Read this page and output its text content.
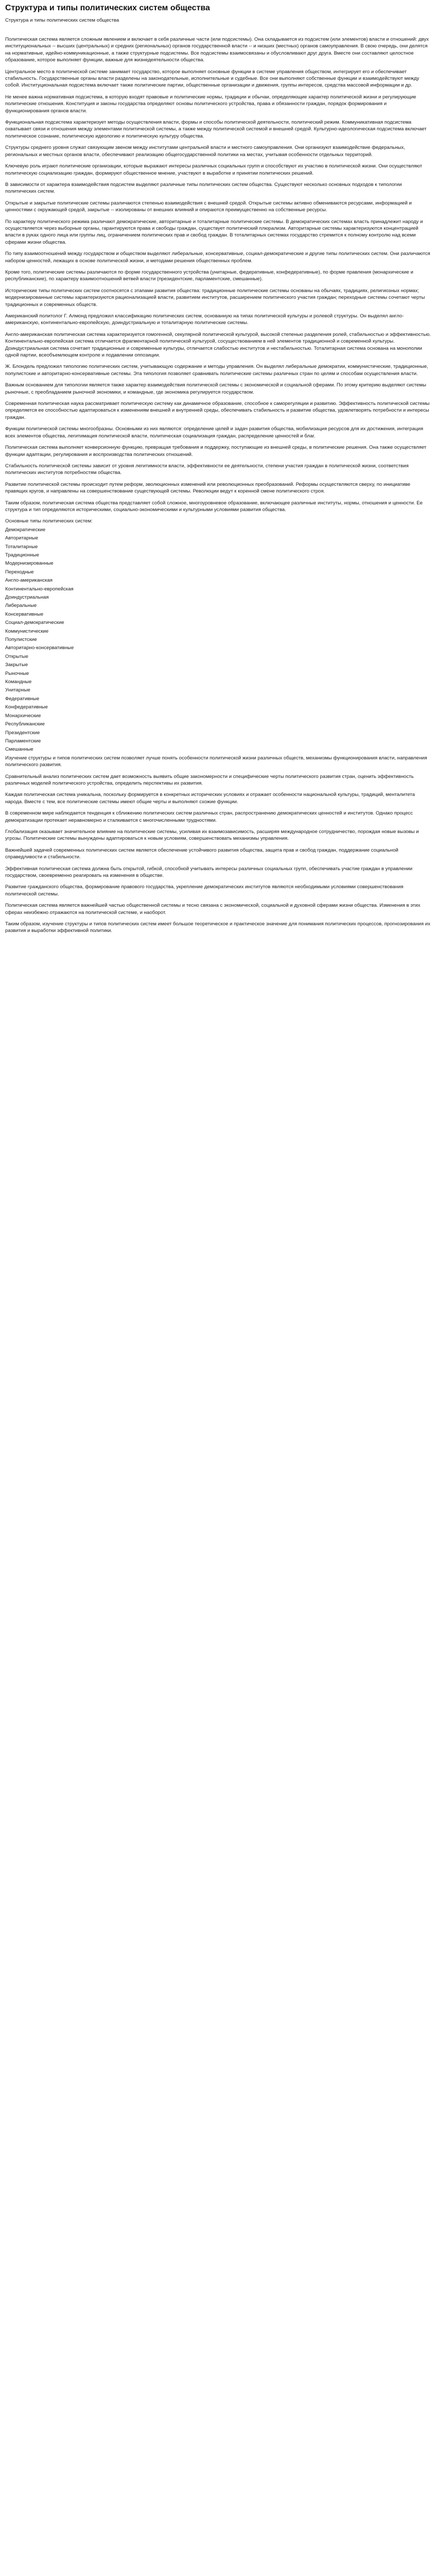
Структура и типы политических систем общества
Структура и типы политических систем общества

Политическая система является сложным явлением и включает в себя различные части (или подсистемы). Она складывается из подсистем (или элементов) власти и отношений: двух институциональных -- высших (центральных) и средних (региональных) органов государственной власти -- и низших (местных) органов самоуправления. В свою очередь, они делятся на нормативные, идейно-коммуникационные, а также структурные подсистемы. Все подсистемы взаимосвязаны и обусловливают друг друга. Вместе они составляют целостное образование, которое выполняет функции, важные для жизнедеятельности общества.

Центральное место в политической системе занимает государство, которое выполняет основные функции в системе управления обществом, интегрирует его и обеспечивает стабильность. Государственные органы власти разделены на законодательные, исполнительные и судебные. Все они выполняют собственные функции и взаимодействуют между собой. Институциональная подсистема включает также политические партии, общественные организации и движения, группы интересов, средства массовой информации и др.

Не менее важна нормативная подсистема, в которую входят правовые и политические нормы, традиции и обычаи, определяющие характер политической жизни и регулирующие политические отношения. Конституция и законы государства определяют основы политического устройства, права и обязанности граждан, порядок формирования и функционирования органов власти.

Функциональная подсистема характеризует методы осуществления власти, формы и способы политической деятельности, политический режим. Коммуникативная подсистема охватывает связи и отношения между элементами политической системы, а также между политической системой и внешней средой. Культурно-идеологическая подсистема включает политическое сознание, политическую идеологию и политическую культуру общества.

Структуры среднего уровня служат связующим звеном между институтами центральной власти и местного самоуправления. Они организуют взаимодействие федеральных, региональных и местных органов власти, обеспечивают реализацию общегосударственной политики на местах, учитывая особенности отдельных территорий.

Ключевую роль играют политические организации, которые выражают интересы различных социальных групп и способствуют их участию в политической жизни. Они осуществляют политическую социализацию граждан, формируют общественное мнение, участвуют в выработке и принятии политических решений.

В зависимости от характера взаимодействия подсистем выделяют различные типы политических систем общества. Существуют несколько основных подходов к типологии политических систем.

Открытые и закрытые политические системы различаются степенью взаимодействия с внешней средой. Открытые системы активно обмениваются ресурсами, информацией и ценностями с окружающей средой, закрытые -- изолированы от внешних влияний и опираются преимущественно на собственные ресурсы.

По характеру политического режима различают демократические, авторитарные и тоталитарные политические системы. В демократических системах власть принадлежит народу и осуществляется через выборные органы, гарантируются права и свободы граждан, существует политический плюрализм. Авторитарные системы характеризуются концентрацией власти в руках одного лица или группы лиц, ограничением политических прав и свобод граждан. В тоталитарных системах государство стремится к полному контролю над всеми сферами жизни общества.

По типу взаимоотношений между государством и обществом выделяют либеральные, консервативные, социал-демократические и другие типы политических систем. Они различаются набором ценностей, лежащих в основе политической жизни, и методами решения общественных проблем.

Кроме того, политические системы различаются по форме государственного устройства (унитарные, федеративные, конфедеративные), по форме правления (монархические и республиканские), по характеру взаимоотношений ветвей власти (президентские, парламентские, смешанные).

Исторические типы политических систем соотносятся с этапами развития общества: традиционные политические системы основаны на обычаях, традициях, религиозных нормах; модернизированные системы характеризуются рационализацией власти, развитием институтов, расширением политического участия граждан; переходные системы сочетают черты традиционных и современных обществ.

Американский политолог Г. Алмонд предложил классификацию политических систем, основанную на типах политической культуры и ролевой структуры. Он выделял англо-американскую, континентально-европейскую, доиндустриальную и тоталитарную политические системы.

Англо-американская политическая система характеризуется гомогенной, секулярной политической культурой, высокой степенью разделения ролей, стабильностью и эффективностью. Континентально-европейская система отличается фрагментарной политической культурой, сосуществованием в ней элементов традиционной и современной культуры. Доиндустриальная система сочетает традиционные и современные культуры, отличается слабостью институтов и нестабильностью. Тоталитарная система основана на монополии одной партии, всеобъемлющем контроле и подавлении оппозиции.

Ж. Блондель предложил типологию политических систем, учитывающую содержание и методы управления. Он выделял либеральные демократии, коммунистические, традиционные, популистские и авторитарно-консервативные системы. Эта типология позволяет сравнивать политические системы различных стран по целям и способам осуществления власти.

Важным основанием для типологии является также характер взаимодействия политической системы с экономической и социальной сферами. По этому критерию выделяют системы рыночные, с преобладанием рыночной экономики, и командные, где экономика регулируется государством.

Современная политическая наука рассматривает политическую систему как динамичное образование, способное к саморегуляции и развитию. Эффективность политической системы определяется ее способностью адаптироваться к изменениям внешней и внутренней среды, обеспечивать стабильность и развитие общества, удовлетворять потребности и интересы граждан.

Функции политической системы многообразны. Основными из них являются: определение целей и задач развития общества, мобилизация ресурсов для их достижения, интеграция всех элементов общества, легитимация политической власти, политическая социализация граждан, распределение ценностей и благ.

Политическая система выполняет конверсионную функцию, превращая требования и поддержку, поступающие из внешней среды, в политические решения. Она также осуществляет функции адаптации, регулирования и воспроизводства политических отношений.

Стабильность политической системы зависит от уровня легитимности власти, эффективности ее деятельности, степени участия граждан в политической жизни, соответствия политических институтов потребностям общества.

Развитие политической системы происходит путем реформ, эволюционных изменений или революционных преобразований. Реформы осуществляются сверху, по инициативе правящих кругов, и направлены на совершенствование существующей системы. Революции ведут к коренной смене политического строя.

Таким образом, политическая система общества представляет собой сложное, многоуровневое образование, включающее различные институты, нормы, отношения и ценности. Ее структура и тип определяются историческими, социально-экономическими и культурными условиями развития общества.

Основные типы политических систем:

Демократические

Авторитарные

Тоталитарные

Традиционные

Модернизированные

Переходные

Англо-американская

Континентально-европейская

Доиндустриальная

Либеральные

Консервативные

Социал-демократические

Коммунистические

Популистские

Авторитарно-консервативные

Открытые

Закрытые

Рыночные

Командные

Унитарные

Федеративные

Конфедеративные

Монархические

Республиканские

Президентские

Парламентские

Смешанные

Изучение структуры и типов политических систем позволяет лучше понять особенности политической жизни различных обществ, механизмы функционирования власти, направления политического развития.

Сравнительный анализ политических систем дает возможность выявить общие закономерности и специфические черты политического развития стран, оценить эффективность различных моделей политического устройства, определить перспективы их развития.

Каждая политическая система уникальна, поскольку формируется в конкретных исторических условиях и отражает особенности национальной культуры, традиций, менталитета народа. Вместе с тем, все политические системы имеют общие черты и выполняют схожие функции.

В современном мире наблюдается тенденция к сближению политических систем различных стран, распространению демократических ценностей и институтов. Однако процесс демократизации протекает неравномерно и сталкивается с многочисленными трудностями.

Глобализация оказывает значительное влияние на политические системы, усиливая их взаимозависимость, расширяя международное сотрудничество, порождая новые вызовы и угрозы. Политические системы вынуждены адаптироваться к новым условиям, совершенствовать механизмы управления.

Важнейшей задачей современных политических систем является обеспечение устойчивого развития общества, защита прав и свобод граждан, поддержание социальной справедливости и стабильности.

Эффективная политическая система должна быть открытой, гибкой, способной учитывать интересы различных социальных групп, обеспечивать участие граждан в управлении государством, своевременно реагировать на изменения в обществе.

Развитие гражданского общества, формирование правового государства, укрепление демократических институтов являются необходимыми условиями совершенствования политической системы.

Политическая система является важнейшей частью общественной системы и тесно связана с экономической, социальной и духовной сферами жизни общества. Изменения в этих сферах неизбежно отражаются на политической системе, и наоборот.

Таким образом, изучение структуры и типов политических систем имеет большое теоретическое и практическое значение для понимания политических процессов, прогнозирования их развития и выработки эффективной политики.
